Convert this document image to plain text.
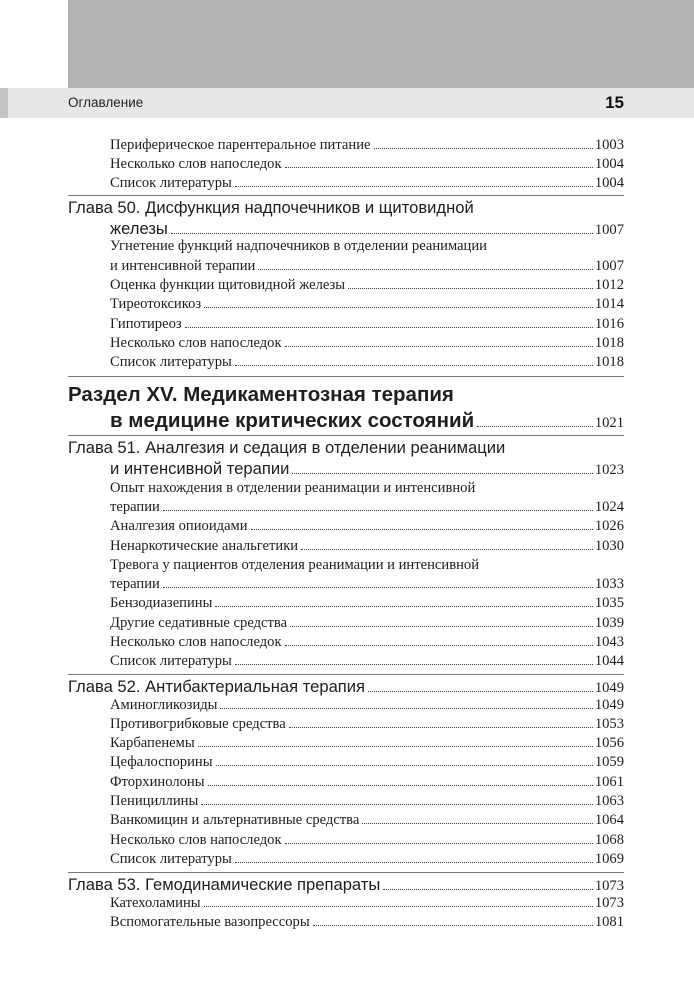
Оглавление	15
Периферическое парентеральное питание	1003
Несколько слов напоследок	1004
Список литературы	1004
Глава 50. Дисфункция надпочечников и щитовидной
железы	1007
Угнетение функций надпочечников в отделении реанимации
и интенсивной терапии	1007
Оценка функции щитовидной железы	1012
Тиреотоксикоз	1014
Гипотиреоз	1016
Несколько слов напоследок	1018
Список литературы	1018
Раздел XV. Медикаментозная терапия
в медицине критических состояний	1021
Глава 51. Аналгезия и седация в отделении реанимации
и интенсивной терапии	1023
Опыт нахождения в отделении реанимации и интенсивной
терапии	1024
Аналгезия опиоидами	1026
Ненаркотические анальгетики	1030
Тревога у пациентов отделения реанимации и интенсивной
терапии	1033
Бензодиазепины	1035
Другие седативные средства	1039
Несколько слов напоследок	1043
Список литературы	1044
Глава 52. Антибактериальная терапия	1049
Аминогликозиды	1049
Противогрибковые средства	1053
Карбапенемы	1056
Цефалоспорины	1059
Фторхинолоны	1061
Пенициллины	1063
Ванкомицин и альтернативные средства	1064
Несколько слов напоследок	1068
Список литературы	1069
Глава 53. Гемодинамические препараты	1073
Катехоламины	1073
Вспомогательные вазопрессоры	1081
